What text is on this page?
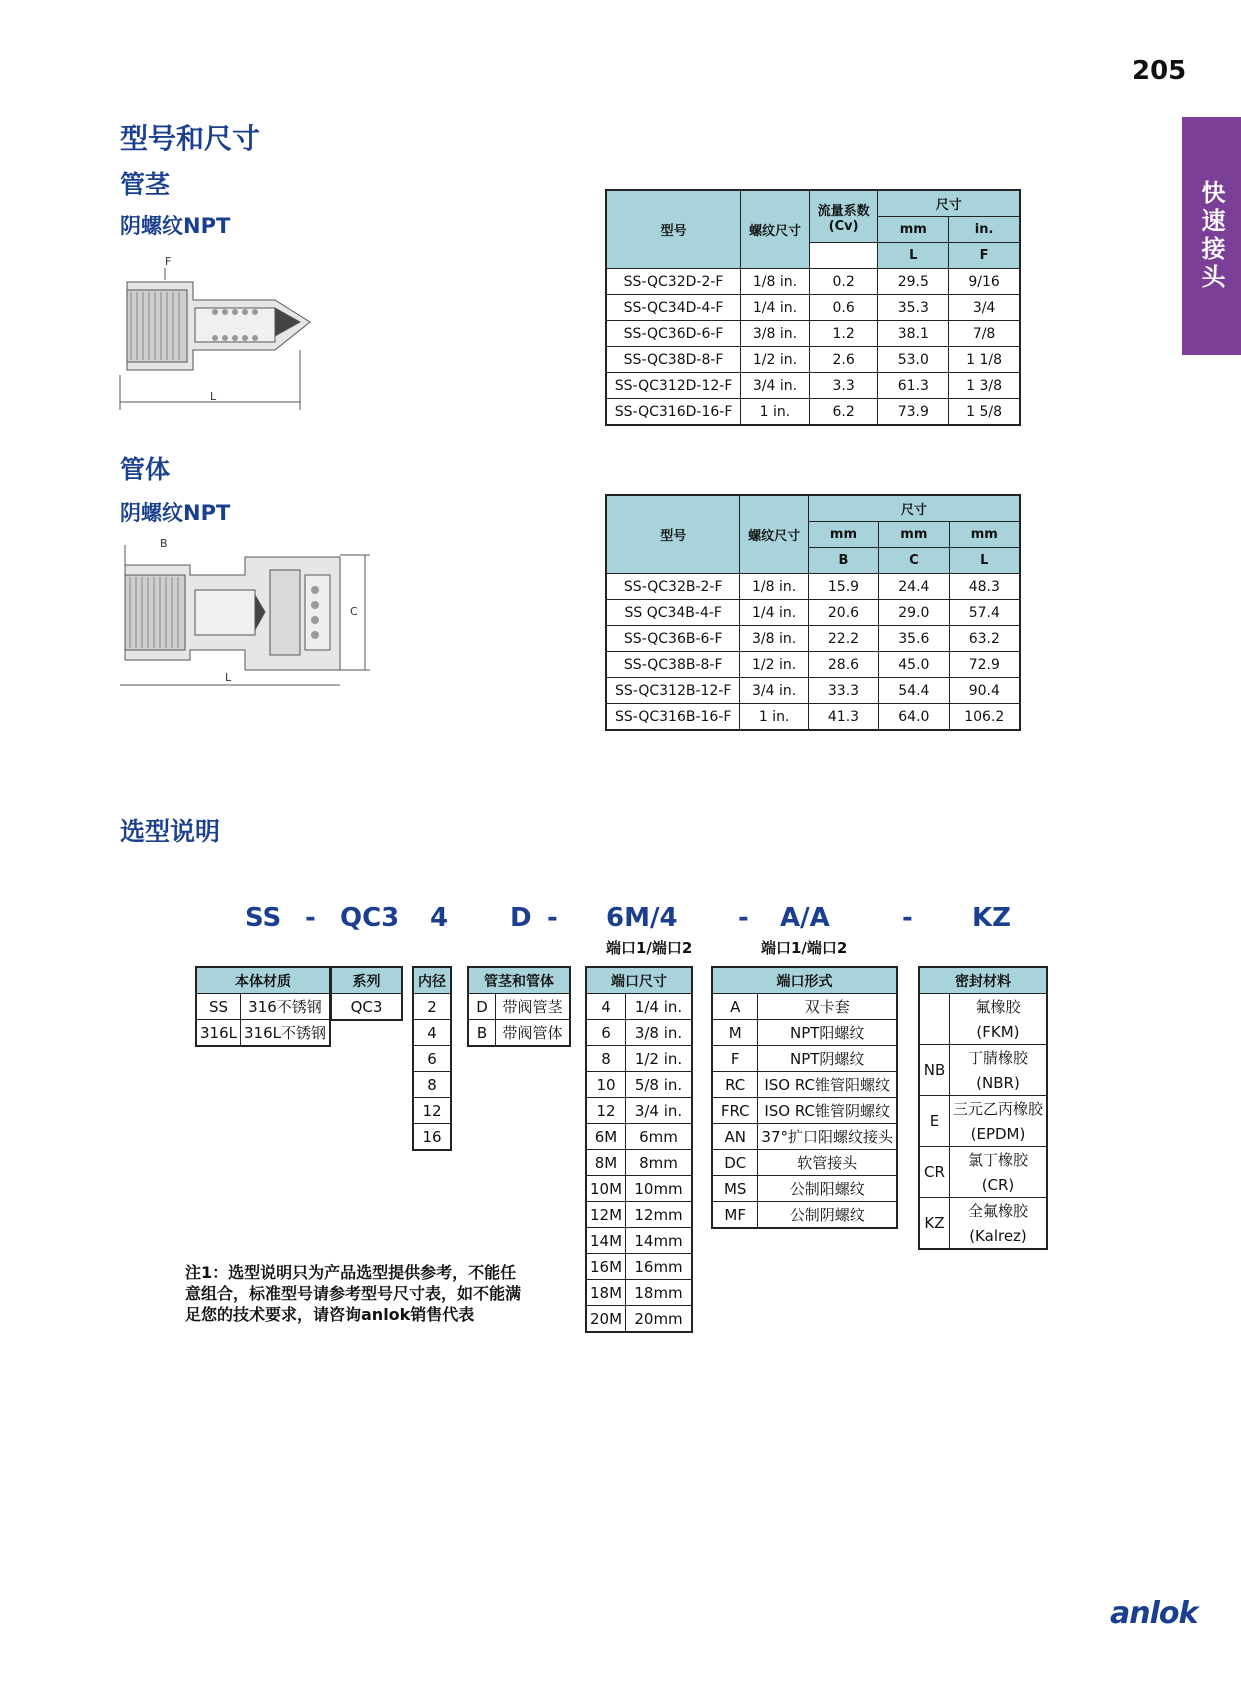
205
快速接头
型号和尺寸
管茎
阴螺纹NPT
F
L
型号	螺纹尺寸	流量系数
(Cv)	尺寸	
			mm	in.
			L	F
SS-QC32D-2-F	1/8 in.	0.2	29.5	9/16
SS-QC34D-4-F	1/4 in.	0.6	35.3	3/4
SS-QC36D-6-F	3/8 in.	1.2	38.1	7/8
SS-QC38D-8-F	1/2 in.	2.6	53.0	1 1/8
SS-QC312D-12-F	3/4 in.	3.3	61.3	1 3/8
SS-QC316D-16-F	1 in.	6.2	73.9	1 5/8
管体
阴螺纹NPT
B
C
L
型号	螺纹尺寸	尺寸		
		mm	mm	mm
		B	C	L
SS-QC32B-2-F	1/8 in.	15.9	24.4	48.3
SS QC34B-4-F	1/4 in.	20.6	29.0	57.4
SS-QC36B-6-F	3/8 in.	22.2	35.6	63.2
SS-QC38B-8-F	1/2 in.	28.6	45.0	72.9
SS-QC312B-12-F	3/4 in.	33.3	54.4	90.4
SS-QC316B-16-F	1 in.	41.3	64.0	106.2
选型说明
SS - QC3 4 D - 6M/4 - A/A	- KZ
端口1/端口2	端口1/端口2
本体材质	
SS	316不锈钢
316L	316L不锈钢
系列
QC3
内径
2
4
6
8
12
16
管茎和管体	
D	带阀管茎
B	带阀管体
端口尺寸	
4	1/4 in.
6	3/8 in.
8	1/2 in.
10	5/8 in.
12	3/4 in.
6M	6mm
8M	8mm
10M	10mm
12M	12mm
14M	14mm
16M	16mm
18M	18mm
20M	20mm
端口形式	
A	双卡套
M	NPT阳螺纹
F	NPT阴螺纹
RC	ISO RC锥管阳螺纹
FRC	ISO RC锥管阴螺纹
AN	37°扩口阳螺纹接头
DC	软管接头
MS	公制阳螺纹
MF	公制阴螺纹
密封材料	
	氟橡胶
	(FKM)
NB	丁腈橡胶
	(NBR)
E	三元乙丙橡胶
	(EPDM)
CR	氯丁橡胶
	(CR)
KZ	全氟橡胶
	(Kalrez)
注1：选型说明只为产品选型提供参考，不能任意组合，标准型号请参考型号尺寸表，如不能满足您的技术要求，请咨询anlok销售代表
anlok
